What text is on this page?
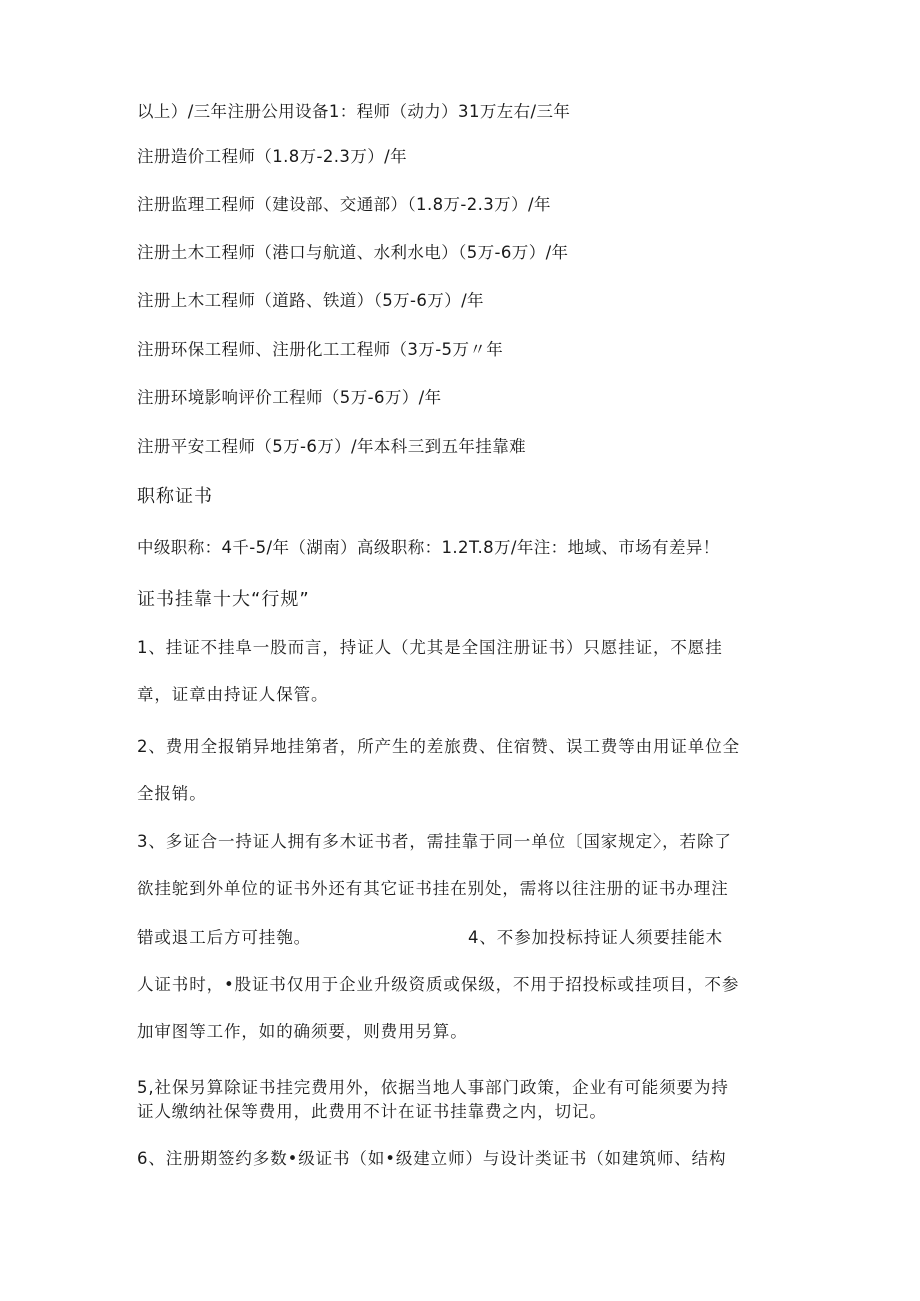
以上）/三年注册公用设备1：程师（动力）31万左右/三年
注册造价工程师（1.8万-2.3万）/年
注册监理工程师（建设部、交通部）（1.8万-2.3万）/年
注册土木工程师（港口与航道、水利水电）（5万-6万）/年
注册上木工程师（道路、铁道）（5万-6万）/年
注册环保工程师、注册化工工程师（3万-5万〃年
注册环境影响评价工程师（5万-6万）/年
注册平安工程师（5万-6万）/年本科三到五年挂靠难
职称证书
中级职称：4千-5/年（湖南）高级职称：1.2T.8万/年注：地域、市场有差异！
证书挂靠十大“行规”
1、挂证不挂阜一股而言，持证人（尤其是全国注册证书）只愿挂证，不愿挂
章，证章由持证人保管。
2、费用全报销异地挂第者，所产生的差旅费、住宿赞、误工费等由用证单位全
全报销。
3、多证合一持证人拥有多木证书者，需挂靠于同一单位〔国家规定〉，若除了
欲挂鸵到外单位的证书外还有其它证书挂在别处，需将以往注册的证书办理注
错或退工后方可挂匏。	4、不参加投标持证人须要挂能木
人证书时，•股证书仅用于企业升级资质或保级，不用于招投标或挂项目，不参
加审图等工作，如的确须要，则费用另算。
5,社保另算除证书挂完费用外，依据当地人事部门政策，企业有可能须要为持
证人缴纳社保等费用，此费用不计在证书挂靠费之内，切记。
6、注册期签约多数•级证书（如•级建立师）与设计类证书（如建筑师、结构
